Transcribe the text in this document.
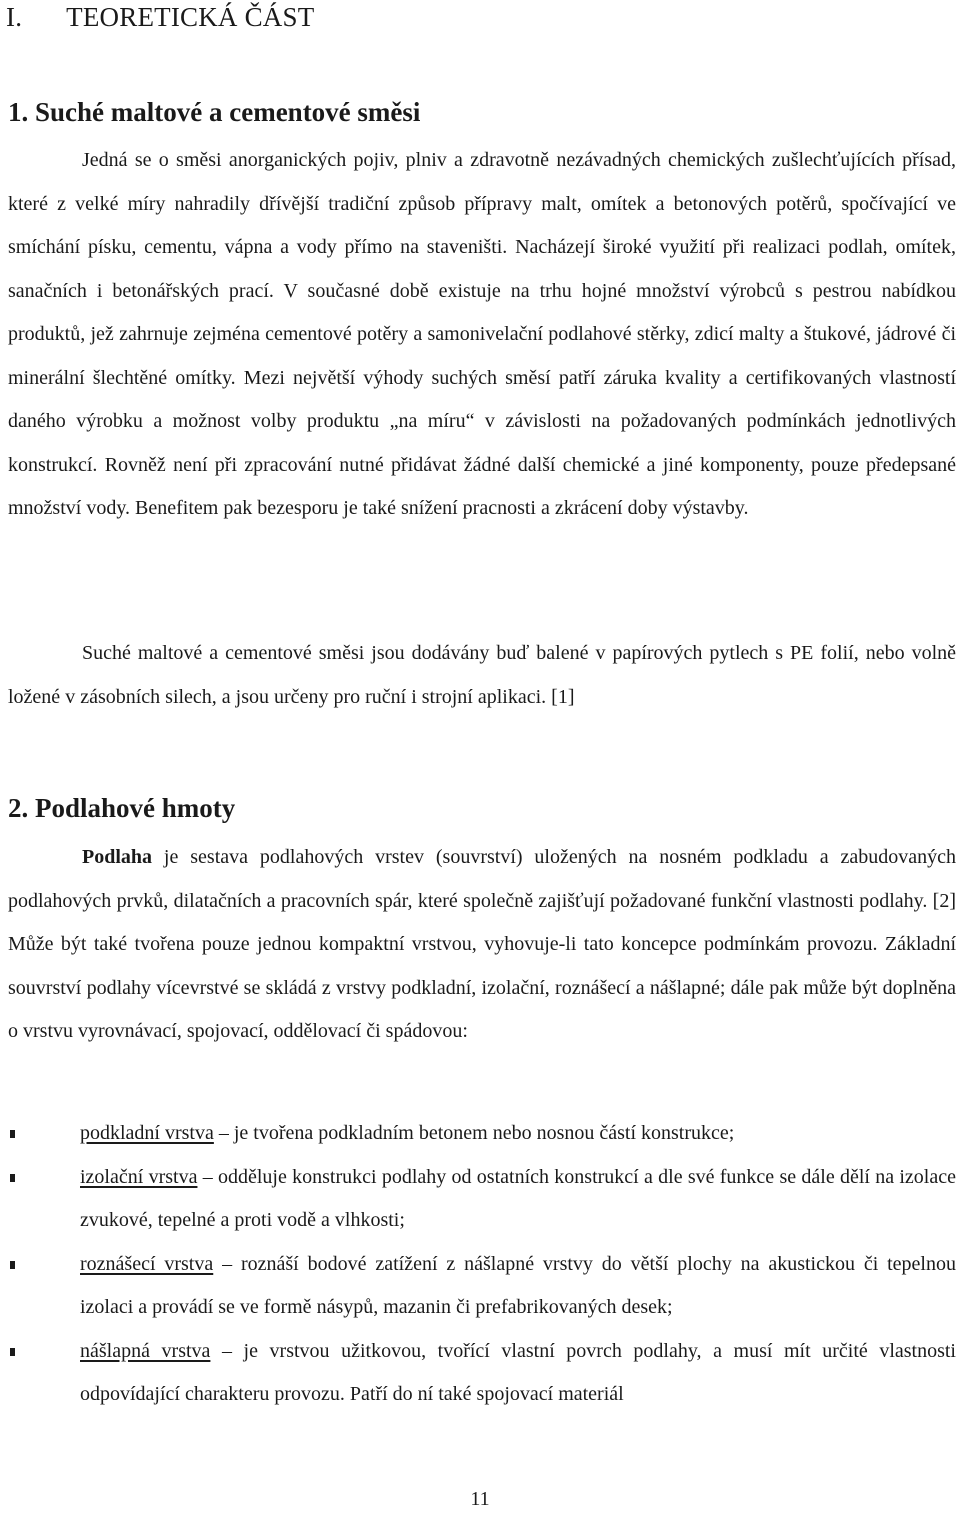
I. TEORETICKÁ ČÁST
1. Suché maltové a cementové směsi

Jedná se o směsi anorganických pojiv, plniv a zdravotně nezávadných chemických zušlechťujících přísad, které z velké míry nahradily dřívější tradiční způsob přípravy malt, omítek a betonových potěrů, spočívající ve smíchání písku, cementu, vápna a vody přímo na staveništi. Nacházejí široké využití při realizaci podlah, omítek, sanačních i betonářských prací. V současné době existuje na trhu hojné množství výrobců s pestrou nabídkou produktů, jež zahrnuje zejména cementové potěry a samonivelační podlahové stěrky, zdicí malty a štukové, jádrové či minerální šlechtěné omítky. Mezi největší výhody suchých směsí patří záruka kvality a certifikovaných vlastností daného výrobku a možnost volby produktu „na míru“ v závislosti na požadovaných podmínkách jednotlivých konstrukcí. Rovněž není při zpracování nutné přidávat žádné další chemické a jiné komponenty, pouze předepsané množství vody. Benefitem pak bezesporu je také snížení pracnosti a zkrácení doby výstavby.

Suché maltové a cementové směsi jsou dodávány buď balené v papírových pytlech s PE folií, nebo volně ložené v zásobních silech, a jsou určeny pro ruční i strojní aplikaci. [1]

2. Podlahové hmoty

Podlaha je sestava podlahových vrstev (souvrství) uložených na nosném podkladu a zabudovaných podlahových prvků, dilatačních a pracovních spár, které společně zajišťují požadované funkční vlastnosti podlahy. [2] Může být také tvořena pouze jednou kompaktní vrstvou, vyhovuje-li tato koncepce podmínkám provozu. Základní souvrství podlahy vícevrstvé se skládá z vrstvy podkladní, izolační, roznášecí a nášlapné; dále pak může být doplněna o vrstvu vyrovnávací, spojovací, oddělovací či spádovou:

podkladní vrstva – je tvořena podkladním betonem nebo nosnou částí konstrukce;
izolační vrstva – odděluje konstrukci podlahy od ostatních konstrukcí a dle své funkce se dále dělí na izolace zvukové, tepelné a proti vodě a vlhkosti;
roznášecí vrstva – roznáší bodové zatížení z nášlapné vrstvy do větší plochy na akustickou či tepelnou izolaci a provádí se ve formě násypů, mazanin či prefabrikovaných desek;
nášlapná vrstva – je vrstvou užitkovou, tvořící vlastní povrch podlahy, a musí mít určité vlastnosti odpovídající charakteru provozu. Patří do ní také spojovací materiál
11
